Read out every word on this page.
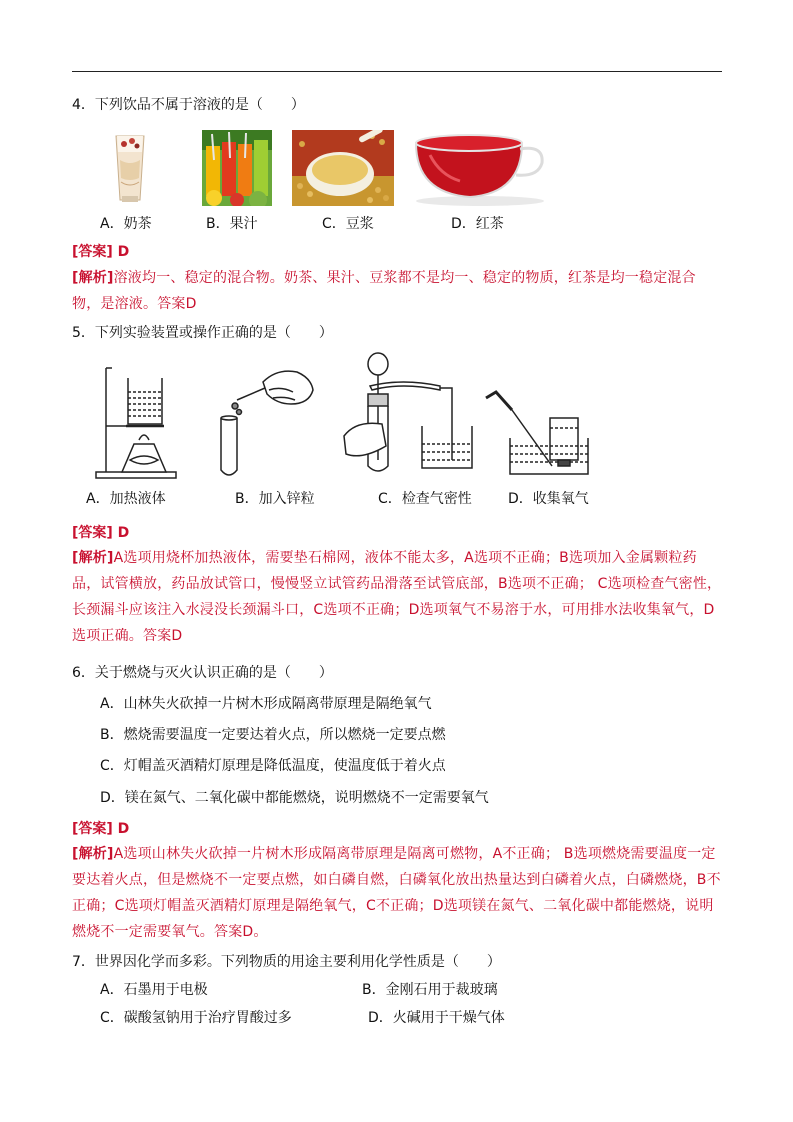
4．下列饮品不属于溶液的是（　　）
A．奶茶	B．果汁	C．豆浆	D．红茶
[答案] D
[解析]溶液均一、稳定的混合物。奶茶、果汁、豆浆都不是均一、稳定的物质，红茶是均一稳定混合物，是溶液。答案D
5．下列实验装置或操作正确的是（　　）
A．加热液体	B．加入锌粒	C．检查气密性	D．收集氧气
[答案] D
[解析]A选项用烧杯加热液体，需要垫石棉网，液体不能太多，A选项不正确；B选项加入金属颗粒药品，试管横放，药品放试管口，慢慢竖立试管药品滑落至试管底部，B选项不正确； C选项检查气密性，长颈漏斗应该注入水浸没长颈漏斗口，C选项不正确；D选项氧气不易溶于水，可用排水法收集氧气，D选项正确。答案D
6．关于燃烧与灭火认识正确的是（　　）
A．山林失火砍掉一片树木形成隔离带原理是隔绝氧气
B．燃烧需要温度一定要达着火点，所以燃烧一定要点燃
C．灯帽盖灭酒精灯原理是降低温度，使温度低于着火点
D．镁在氮气、二氧化碳中都能燃烧，说明燃烧不一定需要氧气
[答案] D
[解析]A选项山林失火砍掉一片树木形成隔离带原理是隔离可燃物，A不正确； B选项燃烧需要温度一定要达着火点，但是燃烧不一定要点燃，如白磷自燃，白磷氧化放出热量达到白磷着火点，白磷燃烧，B不正确；C选项灯帽盖灭酒精灯原理是隔绝氧气，C不正确；D选项镁在氮气、二氧化碳中都能燃烧，说明燃烧不一定需要氧气。答案D。
7．世界因化学而多彩。下列物质的用途主要利用化学性质是（　　）
A．石墨用于电极	B．金刚石用于裁玻璃
C．碳酸氢钠用于治疗胃酸过多	D．火碱用于干燥气体
